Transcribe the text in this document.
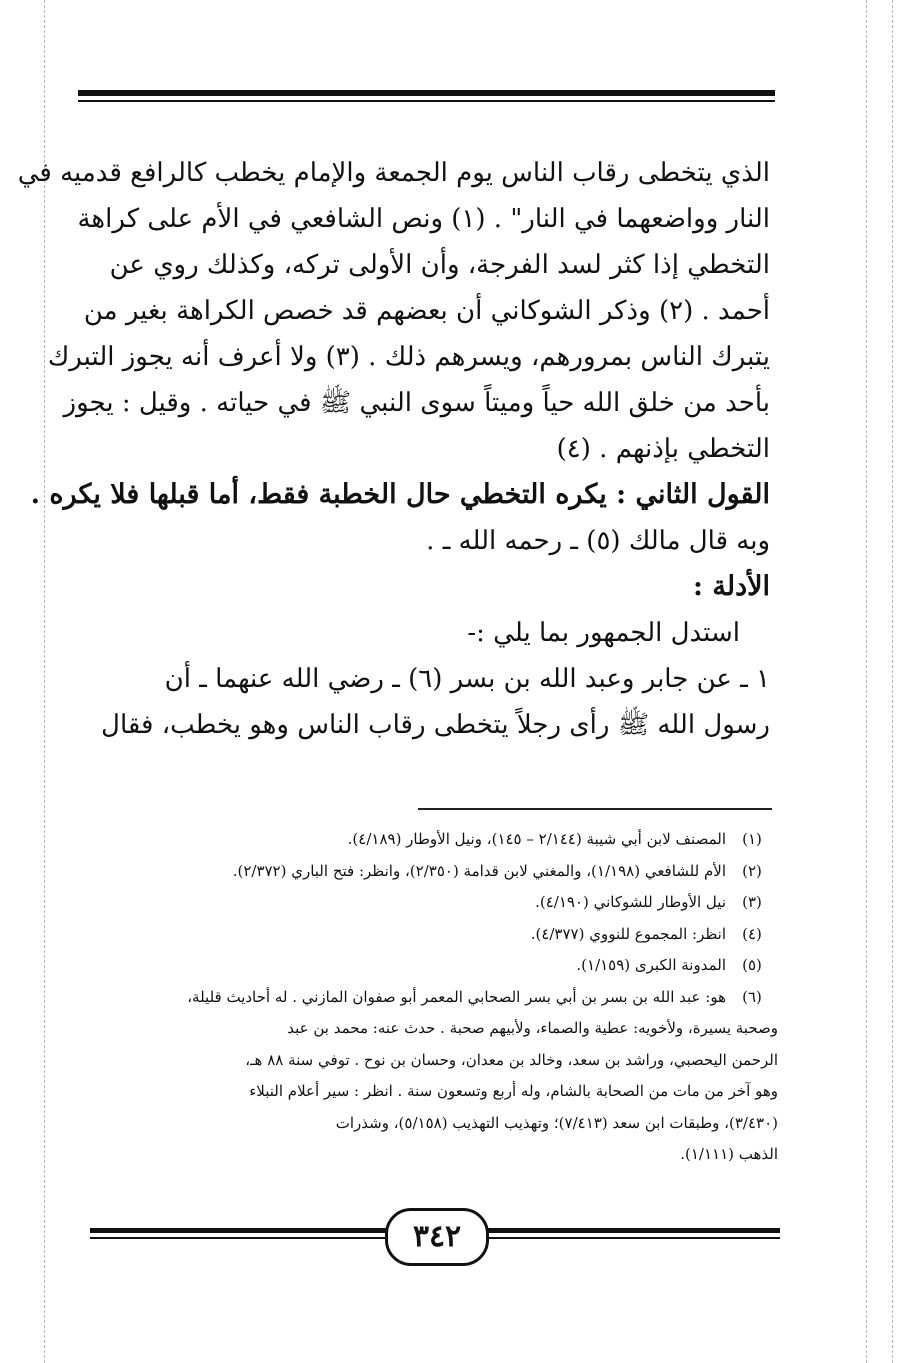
الذي يتخطى رقاب الناس يوم الجمعة والإمام يخطب كالرافع قدميه في
النار وواضعهما في النار" . (١) ونص الشافعي في الأم على كراهة
التخطي إذا كثر لسد الفرجة، وأن الأولى تركه، وكذلك روي عن
أحمد . (٢) وذكر الشوكاني أن بعضهم قد خصص الكراهة بغير من
يتبرك الناس بمرورهم، ويسرهم ذلك . (٣) ولا أعرف أنه يجوز التبرك
بأحد من خلق الله حياً وميتاً سوى النبي ﷺ في حياته . وقيل : يجوز
التخطي بإذنهم . (٤)
القول الثاني : يكره التخطي حال الخطبة فقط، أما قبلها فلا يكره .
وبه قال مالك (٥) ـ رحمه الله ـ .
الأدلة :
استدل الجمهور بما يلي :-
١ ـ عن جابر وعبد الله بن بسر (٦) ـ رضي الله عنهما ـ أن
رسول الله ﷺ رأى رجلاً يتخطى رقاب الناس وهو يخطب، فقال
(١)
المصنف لابن أبي شيبة (٢/١٤٤ – ١٤٥)، ونيل الأوطار (٤/١٨٩).
(٢)
الأم للشافعي (١/١٩٨)، والمغني لابن قدامة (٢/٣٥٠)، وانظر: فتح الباري (٢/٣٧٢).
(٣)
نيل الأوطار للشوكاني (٤/١٩٠).
(٤)
انظر: المجموع للنووي (٤/٣٧٧).
(٥)
المدونة الكبرى (١/١٥٩).
(٦)
هو: عبد الله بن بسر بن أبي بسر الصحابي المعمر أبو صفوان المازني . له أحاديث قليلة،
وصحبة يسيرة، ولأخويه: عطية والصماء، ولأبيهم صحبة . حدث عنه: محمد بن عبد
الرحمن اليحصبي، وراشد بن سعد، وخالد بن معدان، وحسان بن نوح . توفي سنة ٨٨ هـ،
وهو آخر من مات من الصحابة بالشام، وله أربع وتسعون سنة . انظر : سير أعلام النبلاء
(٣/٤٣٠)، وطبقات ابن سعد (٧/٤١٣)؛ وتهذيب التهذيب (٥/١٥٨)، وشذرات
الذهب (١/١١١).
٣٤٢
